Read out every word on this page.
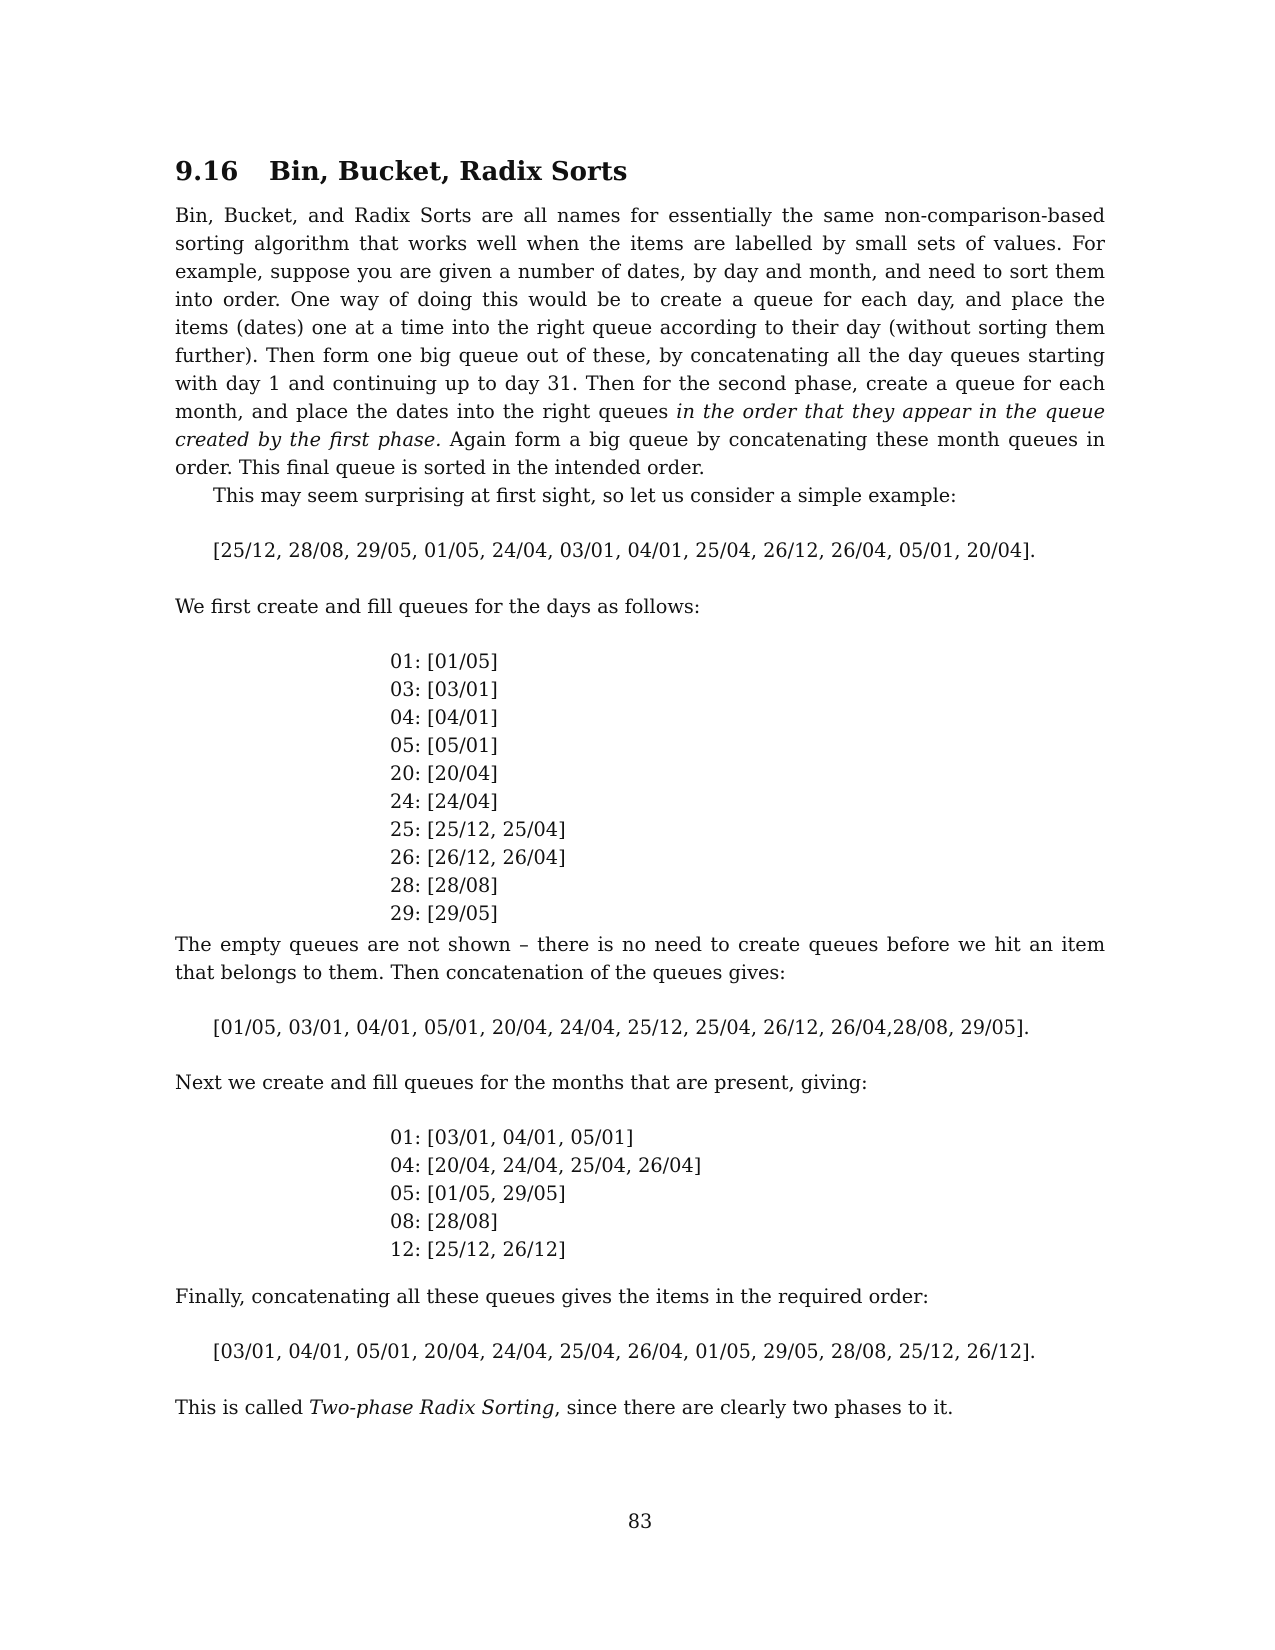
9.16 Bin, Bucket, Radix Sorts
Bin, Bucket, and Radix Sorts are all names for essentially the same non-comparison-based
sorting algorithm that works well when the items are labelled by small sets of values. For
example, suppose you are given a number of dates, by day and month, and need to sort them
into order. One way of doing this would be to create a queue for each day, and place the
items (dates) one at a time into the right queue according to their day (without sorting them
further). Then form one big queue out of these, by concatenating all the day queues starting
with day 1 and continuing up to day 31. Then for the second phase, create a queue for each
month, and place the dates into the right queues in the order that they appear in the queue
created by the first phase. Again form a big queue by concatenating these month queues in
order. This final queue is sorted in the intended order.

This may seem surprising at first sight, so let us consider a simple example:

[25/12, 28/08, 29/05, 01/05, 24/04, 03/01, 04/01, 25/04, 26/12, 26/04, 05/01, 20/04].

We first create and fill queues for the days as follows:

01: [01/05]
03: [03/01]
04: [04/01]
05: [05/01]
20: [20/04]
24: [24/04]
25: [25/12, 25/04]
26: [26/12, 26/04]
28: [28/08]
29: [29/05]
The empty queues are not shown – there is no need to create queues before we hit an item
that belongs to them. Then concatenation of the queues gives:

[01/05, 03/01, 04/01, 05/01, 20/04, 24/04, 25/12, 25/04, 26/12, 26/04,28/08, 29/05].

Next we create and fill queues for the months that are present, giving:

01: [03/01, 04/01, 05/01]
04: [20/04, 24/04, 25/04, 26/04]
05: [01/05, 29/05]
08: [28/08]
12: [25/12, 26/12]

Finally, concatenating all these queues gives the items in the required order:

[03/01, 04/01, 05/01, 20/04, 24/04, 25/04, 26/04, 01/05, 29/05, 28/08, 25/12, 26/12].

This is called Two-phase Radix Sorting, since there are clearly two phases to it.

83
